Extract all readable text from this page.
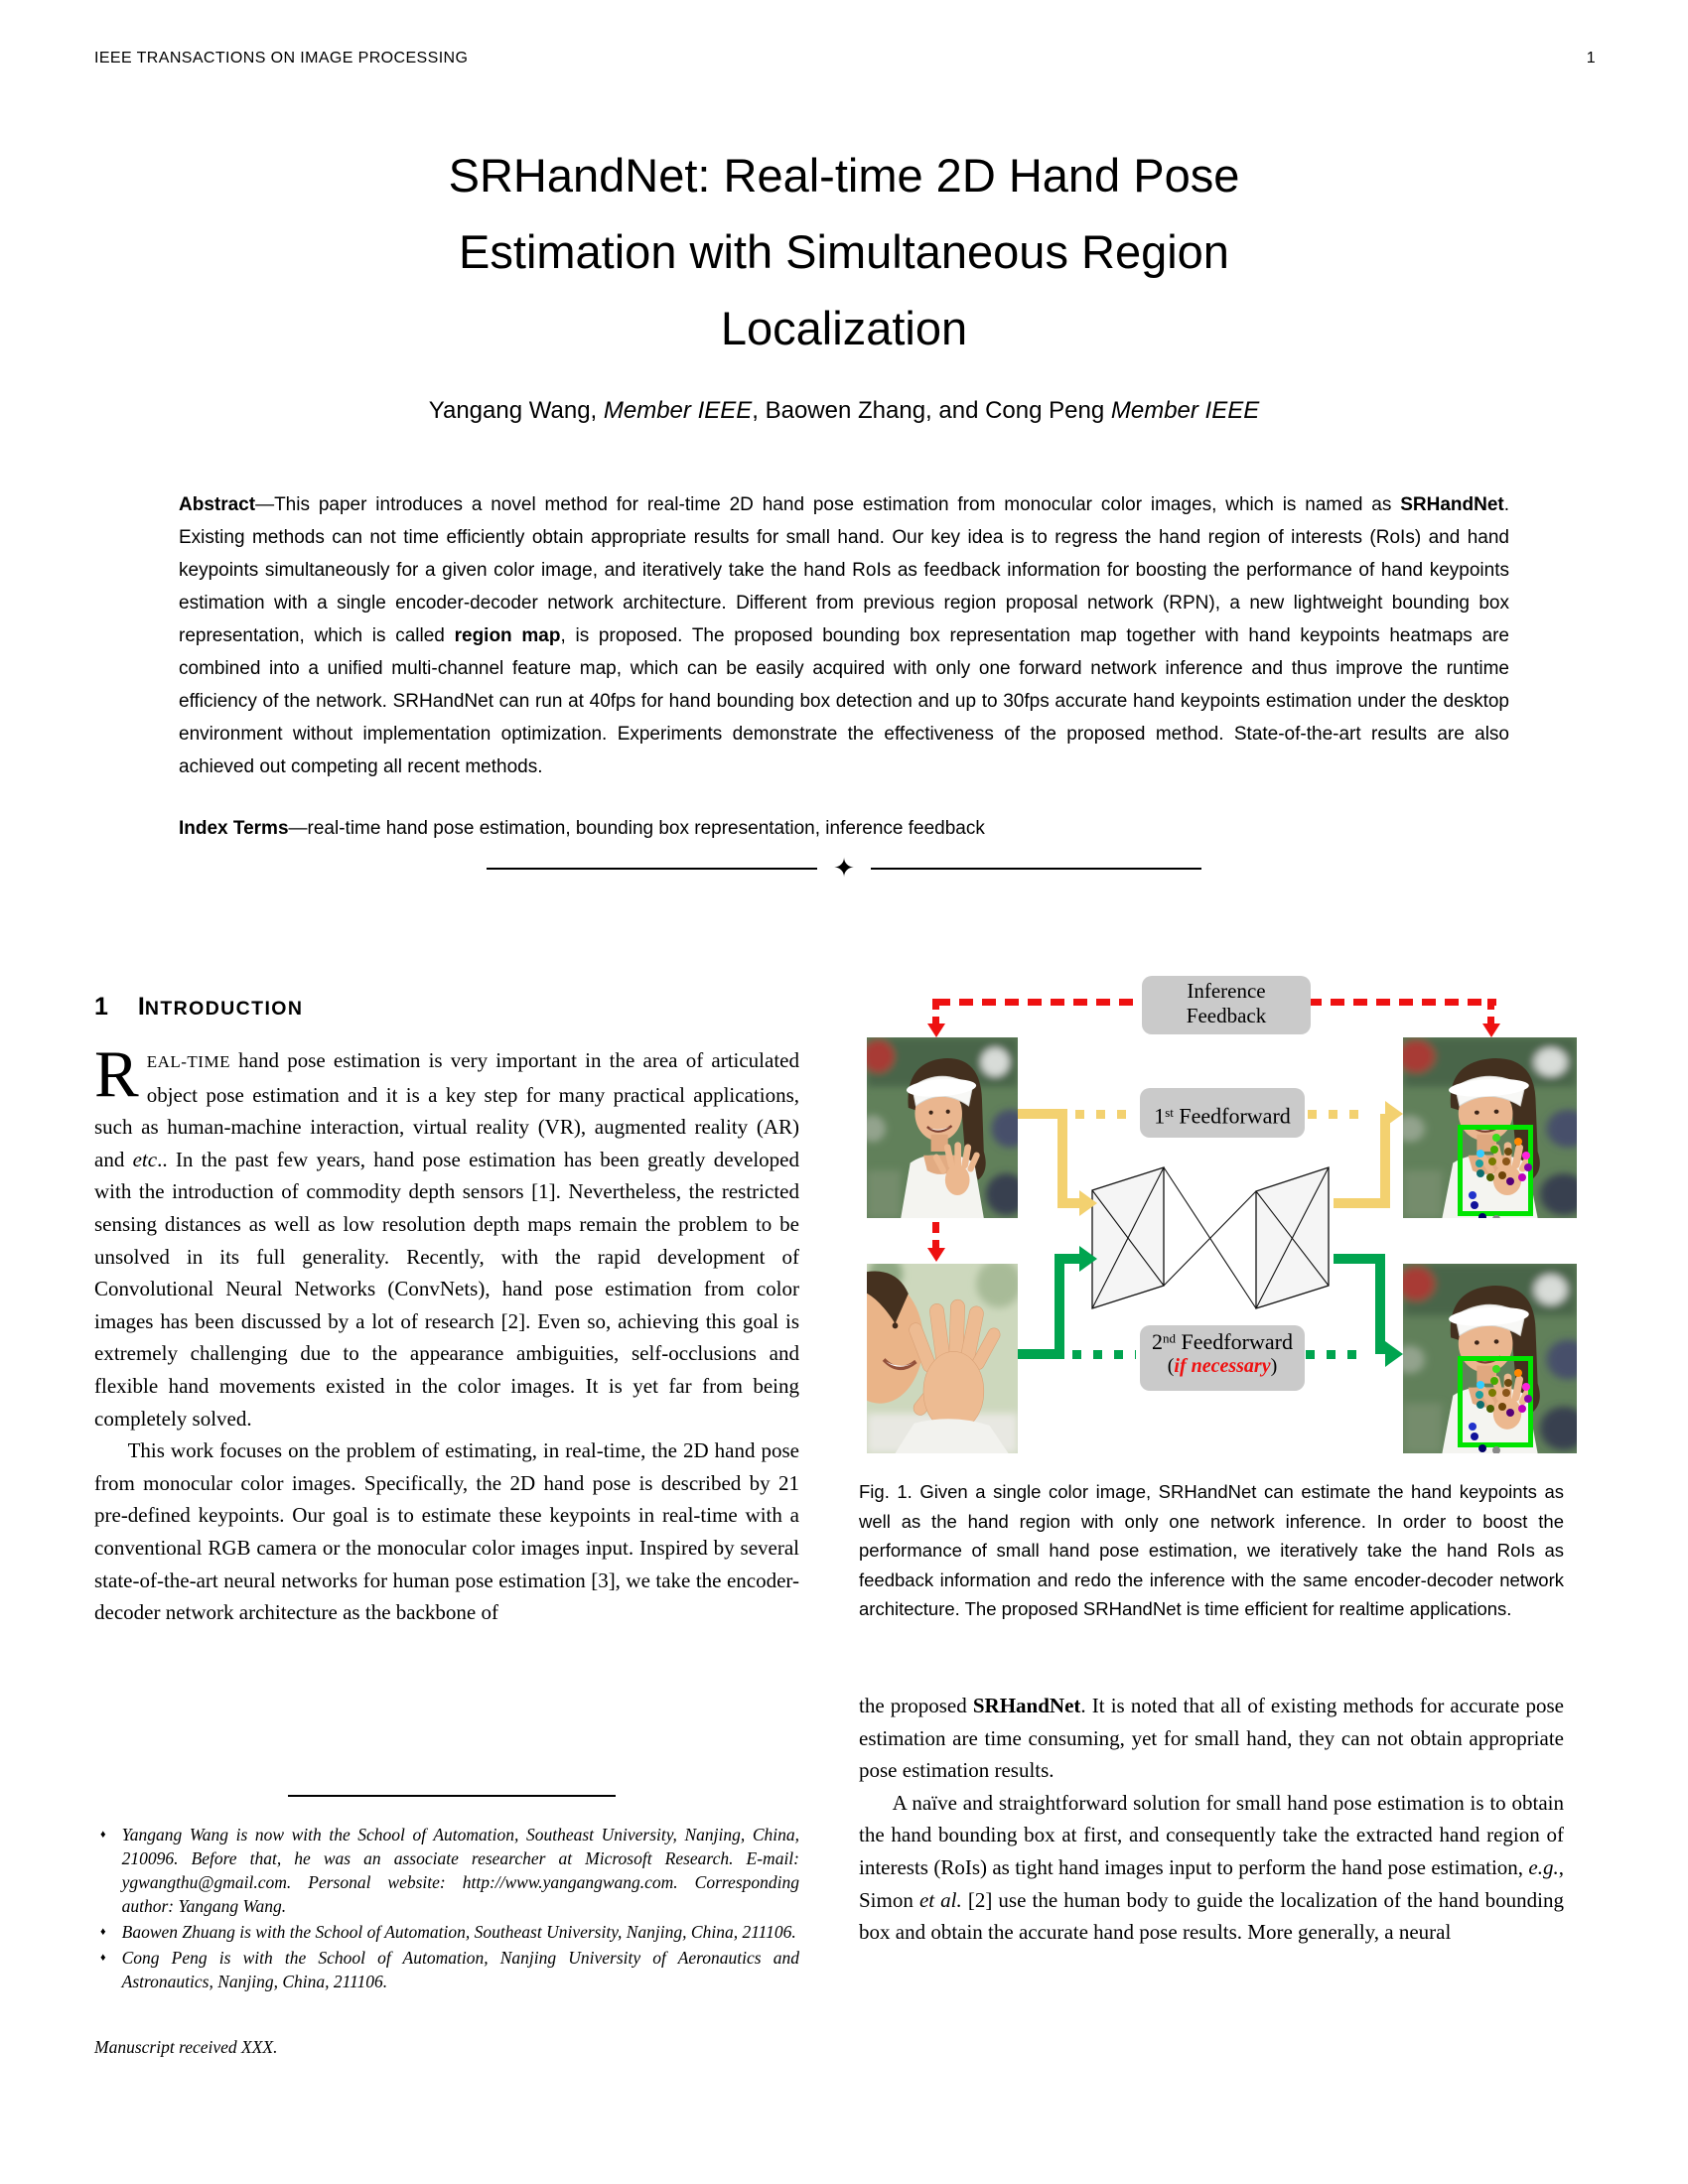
IEEE TRANSACTIONS ON IMAGE PROCESSING	1
SRHandNet: Real-time 2D Hand Pose
Estimation with Simultaneous Region
Localization
Yangang Wang, Member IEEE, Baowen Zhang, and Cong Peng Member IEEE
Abstract—This paper introduces a novel method for real-time 2D hand pose estimation from monocular color images, which is named as SRHandNet. Existing methods can not time efficiently obtain appropriate results for small hand. Our key idea is to regress the hand region of interests (RoIs) and hand keypoints simultaneously for a given color image, and iteratively take the hand RoIs as feedback information for boosting the performance of hand keypoints estimation with a single encoder-decoder network architecture. Different from previous region proposal network (RPN), a new lightweight bounding box representation, which is called region map, is proposed. The proposed bounding box representation map together with hand keypoints heatmaps are combined into a unified multi-channel feature map, which can be easily acquired with only one forward network inference and thus improve the runtime efficiency of the network. SRHandNet can run at 40fps for hand bounding box detection and up to 30fps accurate hand keypoints estimation under the desktop environment without implementation optimization. Experiments demonstrate the effectiveness of the proposed method. State-of-the-art results are also achieved out competing all recent methods.
Index Terms—real-time hand pose estimation, bounding box representation, inference feedback
✦
1 INTRODUCTION

REAL-TIME hand pose estimation is very important in the area of articulated object pose estimation and it is a key step for many practical applications, such as human-machine interaction, virtual reality (VR), augmented reality (AR) and etc.. In the past few years, hand pose estimation has been greatly developed with the introduction of commodity depth sensors [1]. Nevertheless, the restricted sensing distances as well as low resolution depth maps remain the problem to be unsolved in its full generality. Recently, with the rapid development of Convolutional Neural Networks (ConvNets), hand pose estimation from color images has been discussed by a lot of research [2]. Even so, achieving this goal is extremely challenging due to the appearance ambiguities, self-occlusions and flexible hand movements existed in the color images. It is yet far from being completely solved.

This work focuses on the problem of estimating, in real-time, the 2D hand pose from monocular color images. Specifically, the 2D hand pose is described by 21 pre-defined keypoints. Our goal is to estimate these keypoints in real-time with a conventional RGB camera or the monocular color images input. Inspired by several state-of-the-art neural networks for human pose estimation [3], we take the encoder-decoder network architecture as the backbone of

♦ Yangang Wang is now with the School of Automation, Southeast University, Nanjing, China, 210096. Before that, he was an associate researcher at Microsoft Research. E-mail: ygwangthu@gmail.com. Personal website: http://www.yangangwang.com. Corresponding author: Yangang Wang.
♦ Baowen Zhuang is with the School of Automation, Southeast University, Nanjing, China, 211106.
♦ Cong Peng is with the School of Automation, Nanjing University of Aeronautics and Astronautics, Nanjing, China, 211106.
Manuscript received XXX.
Inference
Feedback
1st Feedforward
2nd Feedforward
(if necessary)
Fig. 1. Given a single color image, SRHandNet can estimate the hand keypoints as well as the hand region with only one network inference. In order to boost the performance of small hand pose estimation, we iteratively take the hand RoIs as feedback information and redo the inference with the same encoder-decoder network architecture. The proposed SRHandNet is time efficient for realtime applications.

the proposed SRHandNet. It is noted that all of existing methods for accurate pose estimation are time consuming, yet for small hand, they can not obtain appropriate pose estimation results.

A naïve and straightforward solution for small hand pose estimation is to obtain the hand bounding box at first, and consequently take the extracted hand region of interests (RoIs) as tight hand images input to perform the hand pose estimation, e.g., Simon et al. [2] use the human body to guide the localization of the hand bounding box and obtain the accurate hand pose results. More generally, a neural
